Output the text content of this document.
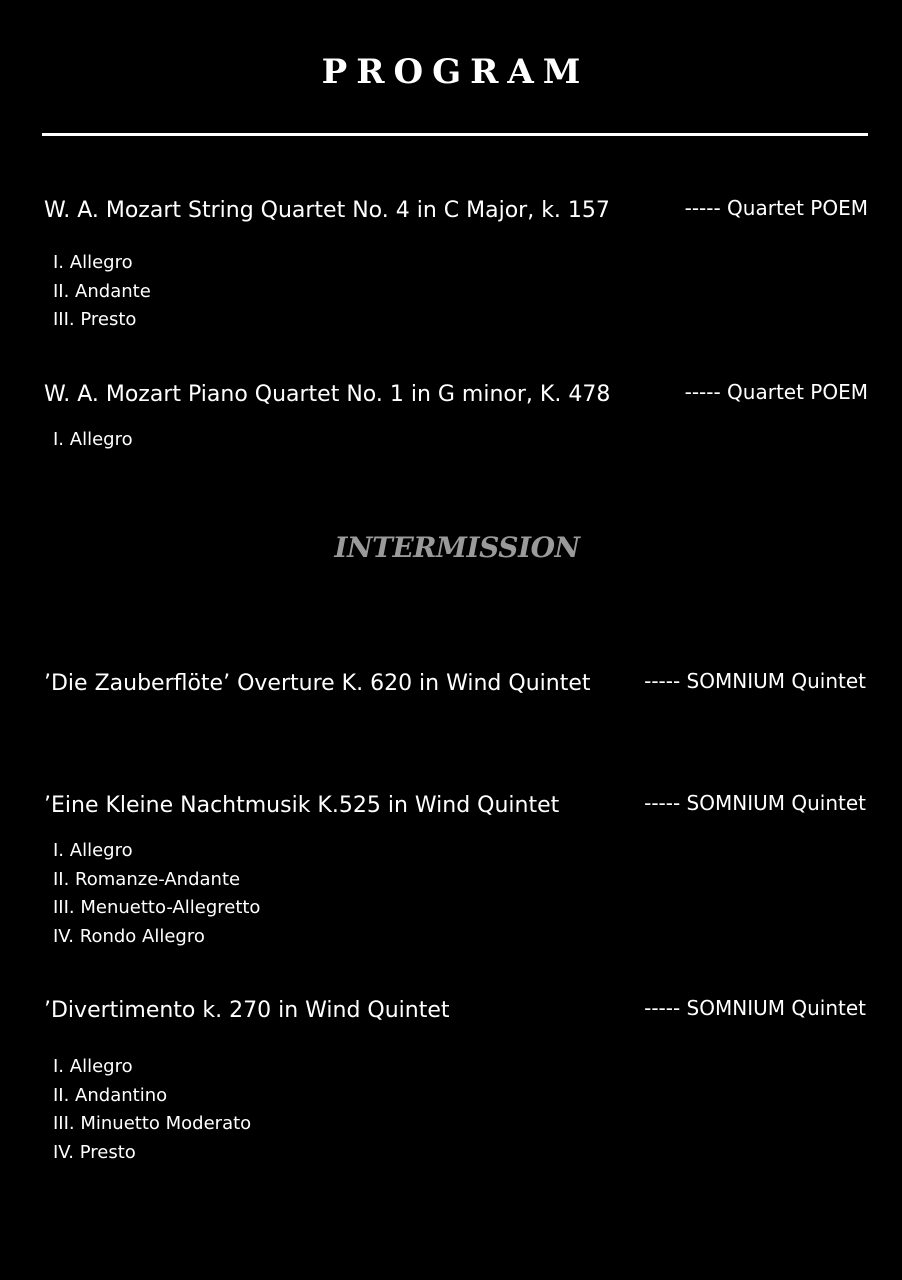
PROGRAM
W. A. Mozart String Quartet No. 4 in C Major, k. 157	----- Quartet POEM
I. Allegro
II. Andante
III. Presto
W. A. Mozart Piano Quartet No. 1 in G minor, K. 478	----- Quartet POEM
I. Allegro
INTERMISSION
’Die Zauberflöte’ Overture K. 620 in Wind Quintet	----- SOMNIUM Quintet
’Eine Kleine Nachtmusik K.525 in Wind Quintet	----- SOMNIUM Quintet
I. Allegro
II. Romanze-Andante
III. Menuetto-Allegretto
IV. Rondo Allegro
’Divertimento k. 270 in Wind Quintet	----- SOMNIUM Quintet
I. Allegro
II. Andantino
III. Minuetto Moderato
IV. Presto
